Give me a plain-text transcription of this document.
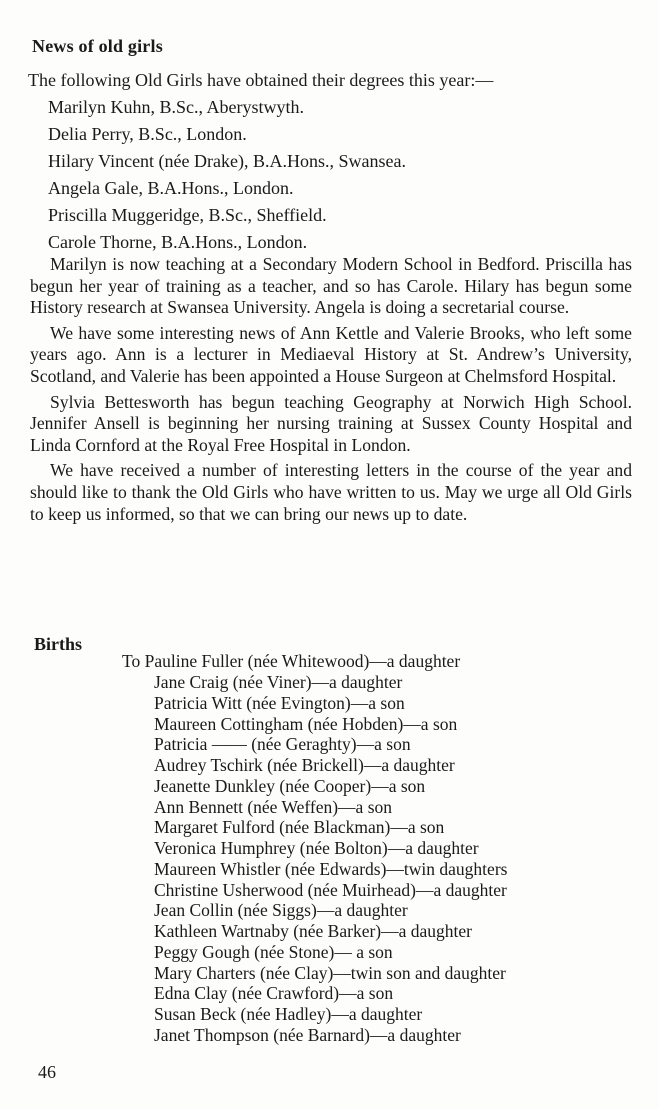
News of old girls
The following Old Girls have obtained their degrees this year:—
Marilyn Kuhn, B.Sc., Aberystwyth.
Delia Perry, B.Sc., London.
Hilary Vincent (née Drake), B.A.Hons., Swansea.
Angela Gale, B.A.Hons., London.
Priscilla Muggeridge, B.Sc., Sheffield.
Carole Thorne, B.A.Hons., London.

Marilyn is now teaching at a Secondary Modern School in Bedford. Priscilla has begun her year of training as a teacher, and so has Carole. Hilary has begun some History research at Swansea University. Angela is doing a secretarial course.

We have some interesting news of Ann Kettle and Valerie Brooks, who left some years ago. Ann is a lecturer in Mediaeval History at St. Andrew’s University, Scotland, and Valerie has been appointed a House Surgeon at Chelmsford Hospital.

Sylvia Bettesworth has begun teaching Geography at Norwich High School. Jennifer Ansell is beginning her nursing training at Sussex County Hospital and Linda Cornford at the Royal Free Hospital in London.

We have received a number of interesting letters in the course of the year and should like to thank the Old Girls who have written to us. May we urge all Old Girls to keep us informed, so that we can bring our news up to date.

Births
To Pauline Fuller (née Whitewood)—a daughter
Jane Craig (née Viner)—a daughter
Patricia Witt (née Evington)—a son
Maureen Cottingham (née Hobden)—a son
Patricia —— (née Geraghty)—a son
Audrey Tschirk (née Brickell)—a daughter
Jeanette Dunkley (née Cooper)—a son
Ann Bennett (née Weffen)—a son
Margaret Fulford (née Blackman)—a son
Veronica Humphrey (née Bolton)—a daughter
Maureen Whistler (née Edwards)—twin daughters
Christine Usherwood (née Muirhead)—a daughter
Jean Collin (née Siggs)—a daughter
Kathleen Wartnaby (née Barker)—a daughter
Peggy Gough (née Stone)— a son
Mary Charters (née Clay)—twin son and daughter
Edna Clay (née Crawford)—a son
Susan Beck (née Hadley)—a daughter
Janet Thompson (née Barnard)—a daughter
46
